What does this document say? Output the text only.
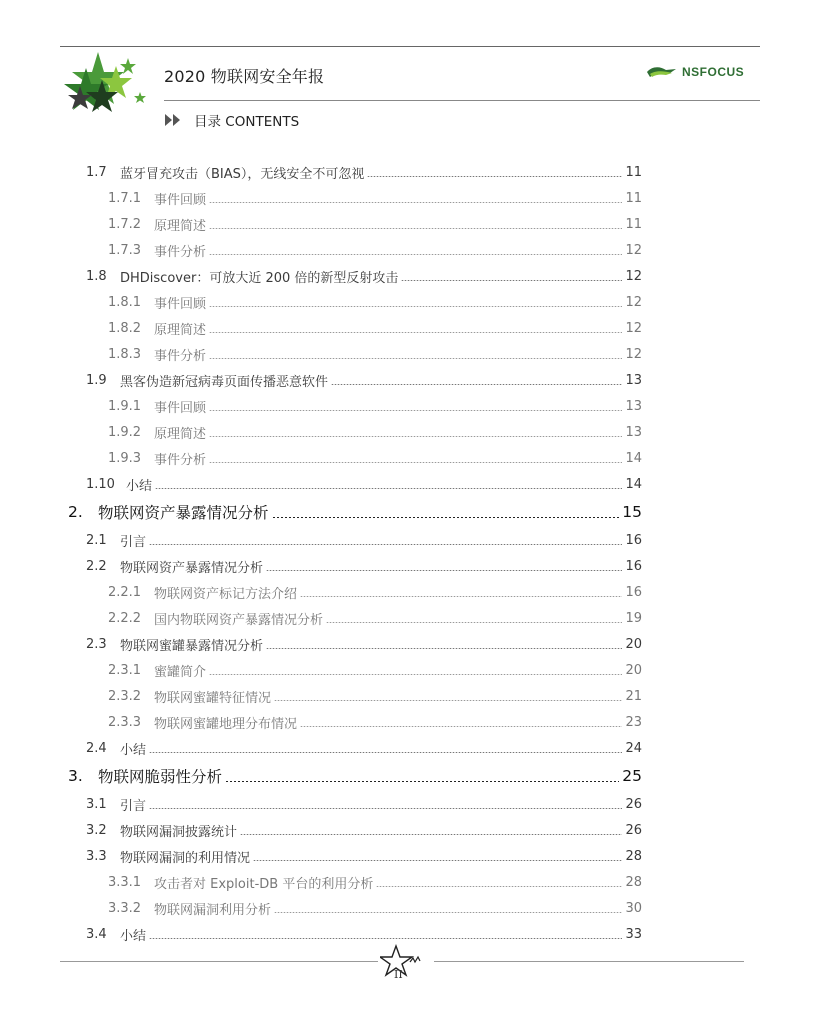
2020 物联网安全年报	NSFOCUS
目录 CONTENTS
1.7	蓝牙冒充攻击（BIAS），无线安全不可忽视	11
1.7.1 事件回顾	11
1.7.2 原理简述	11
1.7.3 事件分析	12
1.8	DHDiscover：可放大近 200 倍的新型反射攻击	12
1.8.1 事件回顾	12
1.8.2 原理简述	12
1.8.3 事件分析	12
1.9	黑客伪造新冠病毒页面传播恶意软件	13
1.9.1 事件回顾	13
1.9.2 原理简述	13
1.9.3 事件分析	14
1.10 小结	14
2. 物联网资产暴露情况分析	15
2.1	引言	16
2.2	物联网资产暴露情况分析	16
2.2.1 物联网资产标记方法介绍	16
2.2.2 国内物联网资产暴露情况分析	19
2.3	物联网蜜罐暴露情况分析	20
2.3.1 蜜罐简介	20
2.3.2 物联网蜜罐特征情况	21
2.3.3 物联网蜜罐地理分布情况	23
2.4	小结	24
3. 物联网脆弱性分析	25
3.1	引言	26
3.2	物联网漏洞披露统计	26
3.3	物联网漏洞的利用情况	28
3.3.1 攻击者对 Exploit-DB 平台的利用分析	28
3.3.2 物联网漏洞利用分析	30
3.4	小结	33
II
